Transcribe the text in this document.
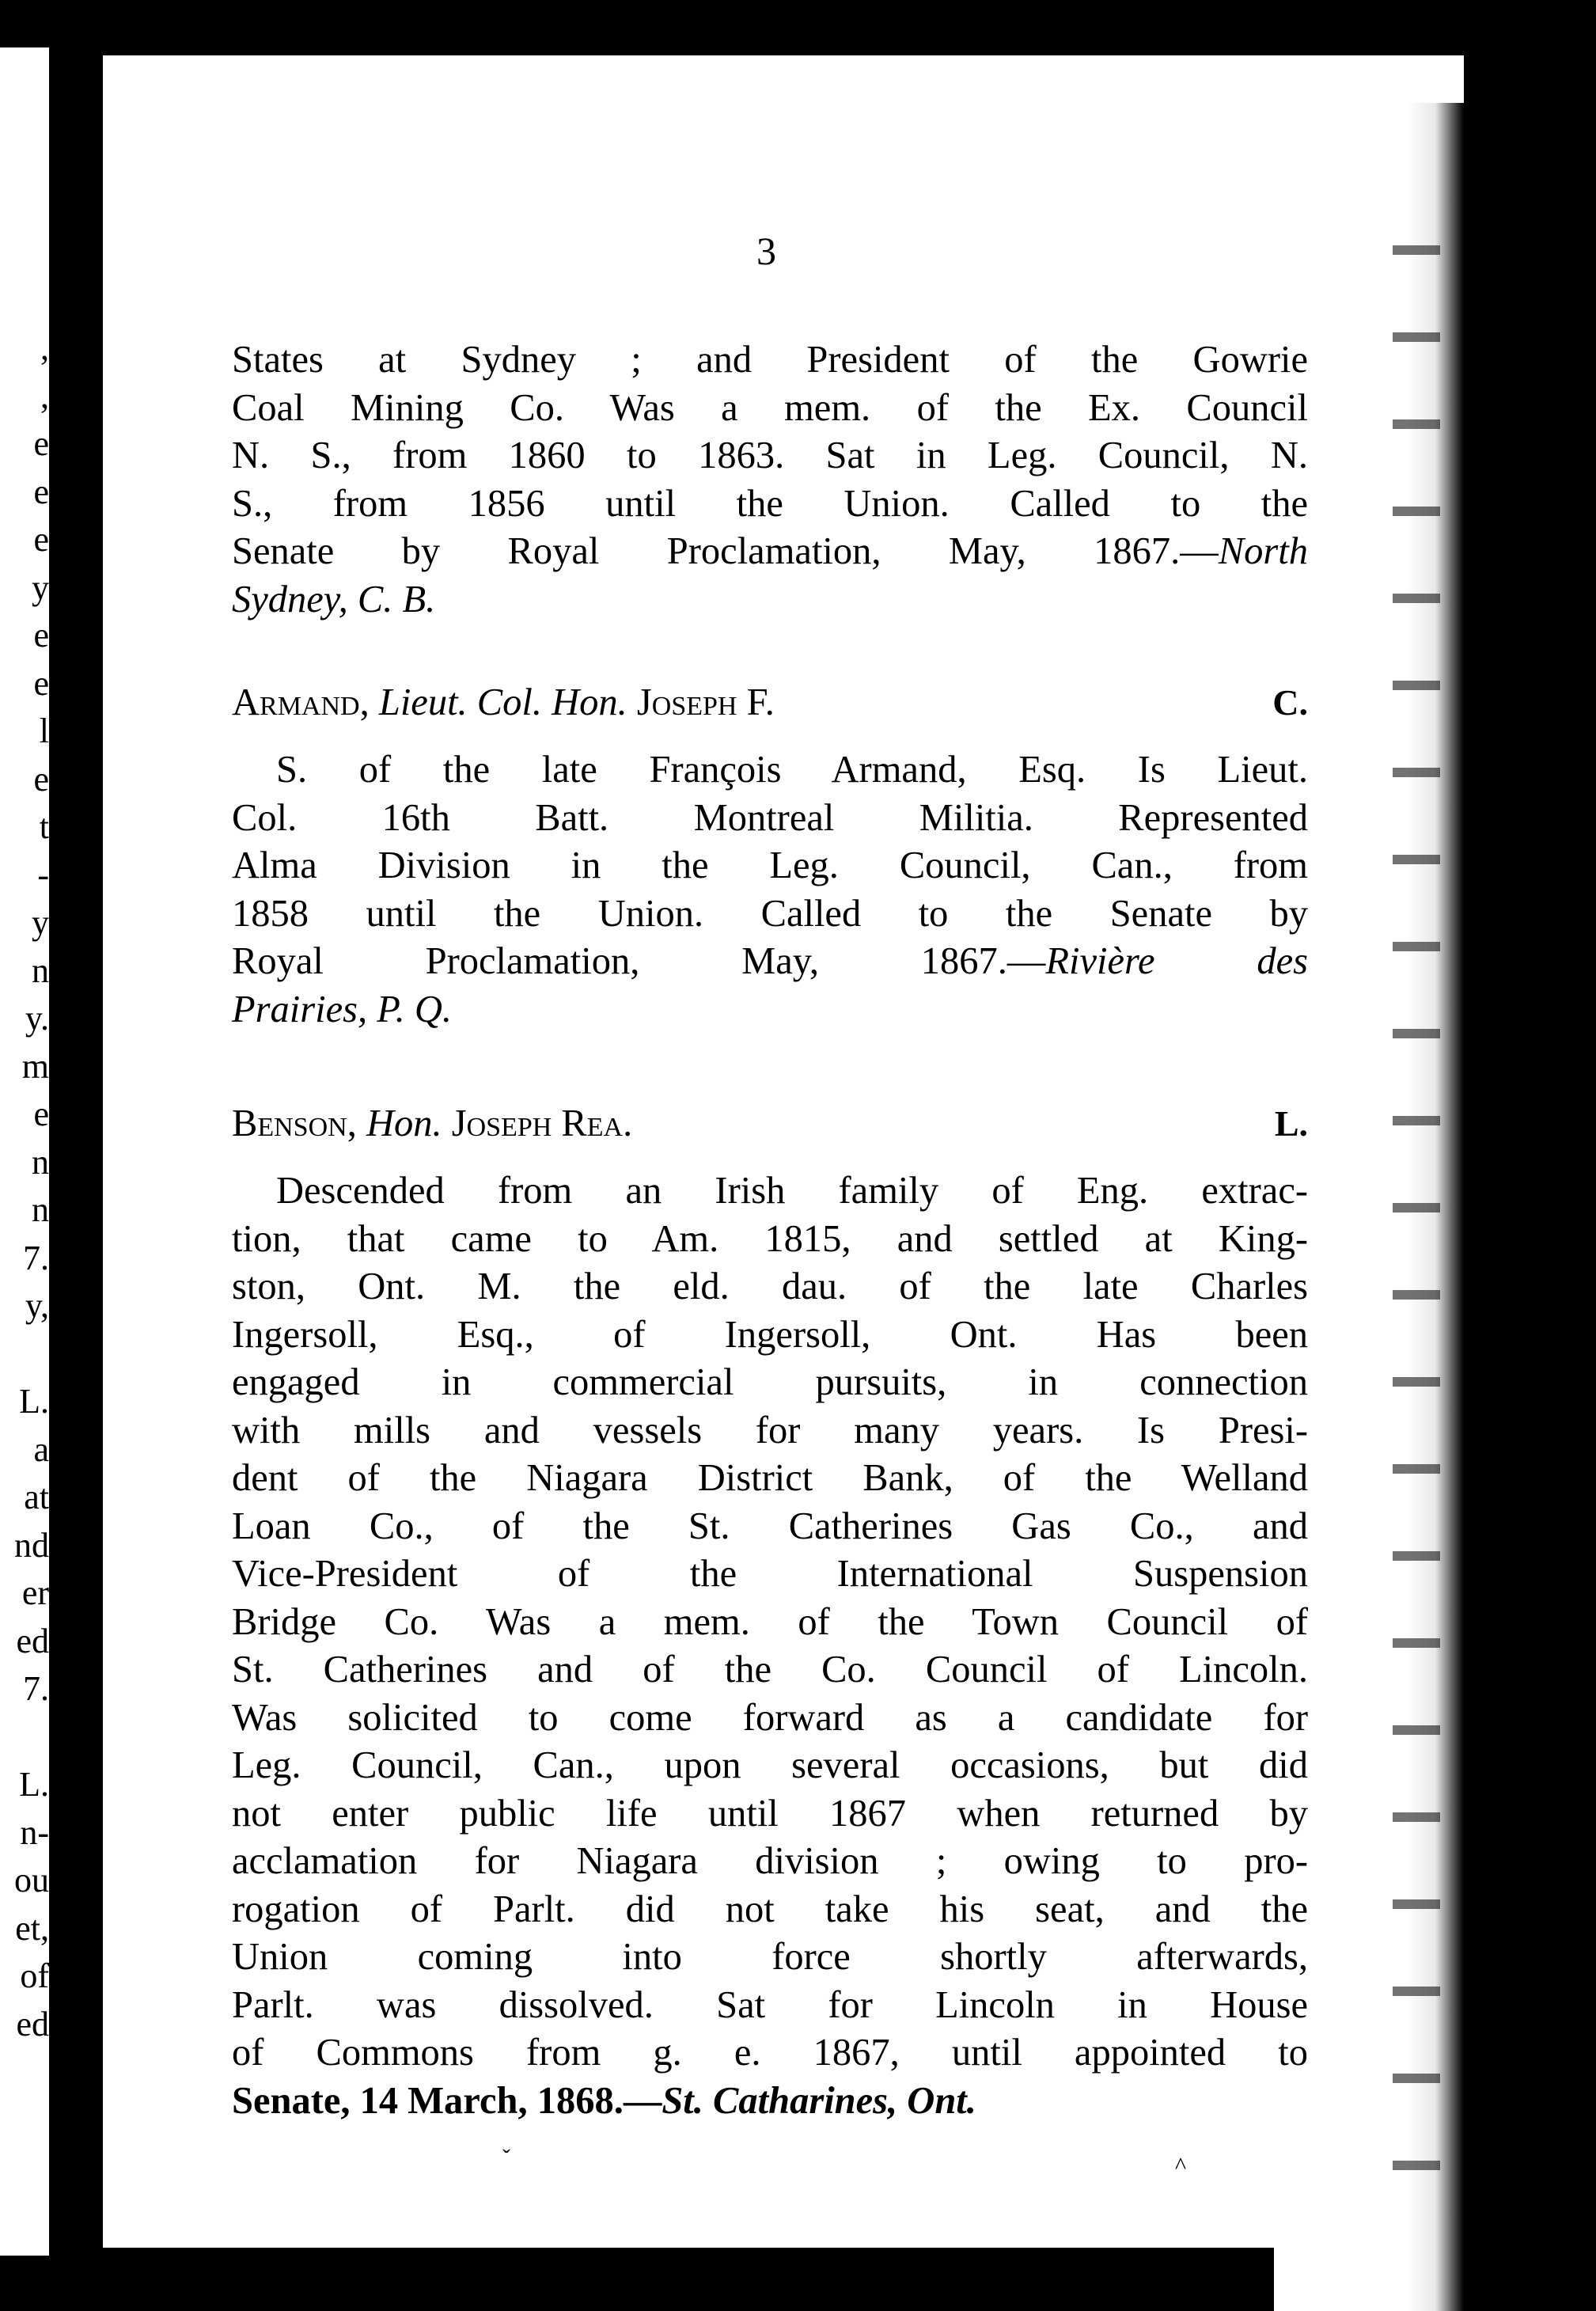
,
,
e
e
e
y
e
e
l
e
t
-
y
n
y.
m
e
n
n
7.
y,

L.
a
at
nd
er
ed
7.

L.
n-
ou
et,
of
ed
3
States at Sydney ; and President of the Gowrie
Coal Mining Co. Was a mem. of the Ex. Council
N. S., from 1860 to 1863. Sat in Leg. Council, N.
S., from 1856 until the Union. Called to the
Senate by Royal Proclamation, May, 1867.—North
Sydney, C. B.
Armand, Lieut. Col. Hon. Joseph F.	C.
S. of the late François Armand, Esq. Is Lieut.
Col. 16th Batt. Montreal Militia. Represented
Alma Division in the Leg. Council, Can., from
1858 until the Union. Called to the Senate by
Royal Proclamation, May, 1867.—Rivière des
Prairies, P. Q.
Benson, Hon. Joseph Rea.	L.
Descended from an Irish family of Eng. extrac-
tion, that came to Am. 1815, and settled at King-
ston, Ont. M. the eld. dau. of the late Charles
Ingersoll, Esq., of Ingersoll, Ont. Has been
engaged in commercial pursuits, in connection
with mills and vessels for many years. Is Presi-
dent of the Niagara District Bank, of the Welland
Loan Co., of the St. Catherines Gas Co., and
Vice-President of the International Suspension
Bridge Co. Was a mem. of the Town Council of
St. Catherines and of the Co. Council of Lincoln.
Was solicited to come forward as a candidate for
Leg. Council, Can., upon several occasions, but did
not enter public life until 1867 when returned by
acclamation for Niagara division ; owing to pro-
rogation of Parlt. did not take his seat, and the
Union coming into force shortly afterwards,
Parlt. was dissolved. Sat for Lincoln in House
of Commons from g. e. 1867, until appointed to
Senate, 14 March, 1868.—St. Catharines, Ont.
ˇ	^
